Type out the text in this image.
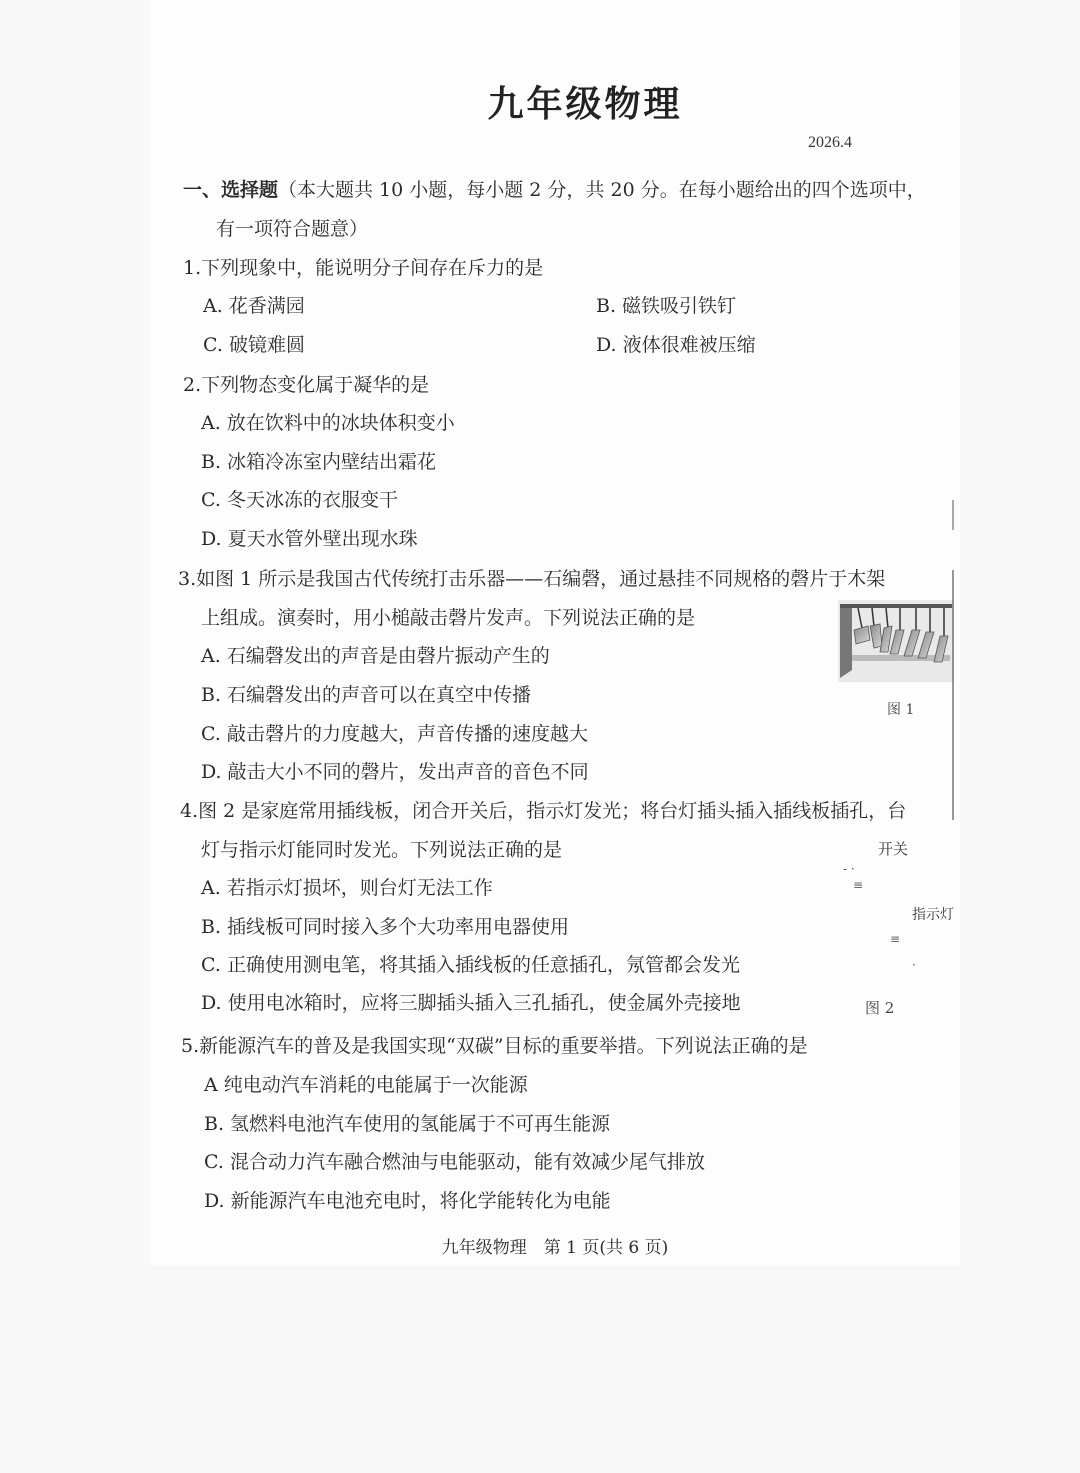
九年级物理
2026.4
一、选择题（本大题共 10 小题，每小题 2 分，共 20 分。在每小题给出的四个选项中，
有一项符合题意）
1.下列现象中，能说明分子间存在斥力的是
A. 花香满园	B. 磁铁吸引铁钉
C. 破镜难圆	D. 液体很难被压缩
2.下列物态变化属于凝华的是
A. 放在饮料中的冰块体积变小
B. 冰箱冷冻室内壁结出霜花
C. 冬天冰冻的衣服变干
D. 夏天水管外壁出现水珠
3.如图 1 所示是我国古代传统打击乐器——石编磬，通过悬挂不同规格的磬片于木架
上组成。演奏时，用小槌敲击磬片发声。下列说法正确的是
A. 石编磬发出的声音是由磬片振动产生的
B. 石编磬发出的声音可以在真空中传播
C. 敲击磬片的力度越大，声音传播的速度越大
D. 敲击大小不同的磬片，发出声音的音色不同
图 1
4.图 2 是家庭常用插线板，闭合开关后，指示灯发光；将台灯插头插入插线板插孔，台
灯与指示灯能同时发光。下列说法正确的是
A. 若指示灯损坏，则台灯无法工作
B. 插线板可同时接入多个大功率用电器使用
C. 正确使用测电笔，将其插入插线板的任意插孔，氖管都会发光
D. 使用电冰箱时，应将三脚插头插入三孔插孔，使金属外壳接地
开关
指示灯
- ·
≡
≡
·
图 2
5.新能源汽车的普及是我国实现“双碳”目标的重要举措。下列说法正确的是
A 纯电动汽车消耗的电能属于一次能源
B. 氢燃料电池汽车使用的氢能属于不可再生能源
C. 混合动力汽车融合燃油与电能驱动，能有效减少尾气排放
D. 新能源汽车电池充电时，将化学能转化为电能
九年级物理　第 1 页(共 6 页)
